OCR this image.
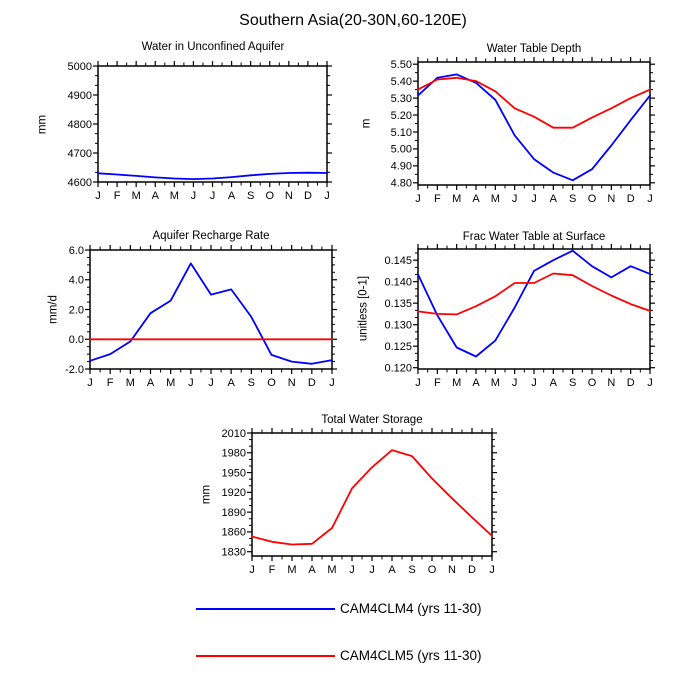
Southern Asia(20-30N,60-120E)
Water in Unconfined Aquifer	Water Table Depth
Aquifer Recharge Rate	Frac Water Table at Surface
Total Water Storage
mm	m
mm/d	unitless [0-1]
mm
4600
4700
4800
4900
5000
J F M A M J J A S O N D J
4.80
4.90
5.00
5.10
5.20
5.30
5.40
5.50
J F M A M J J A S O N D J
-2.0
0.0
2.0
4.0
6.0
J F M A M J J A S O N D J
0.120
0.125
0.130
0.135
0.140
0.145
J F M A M J J A S O N D J
1830
1860
1890
1920
1950
1980
2010
J F M A M J J A S O N D J
CAM4CLM4 (yrs 11-30)
CAM4CLM5 (yrs 11-30)
